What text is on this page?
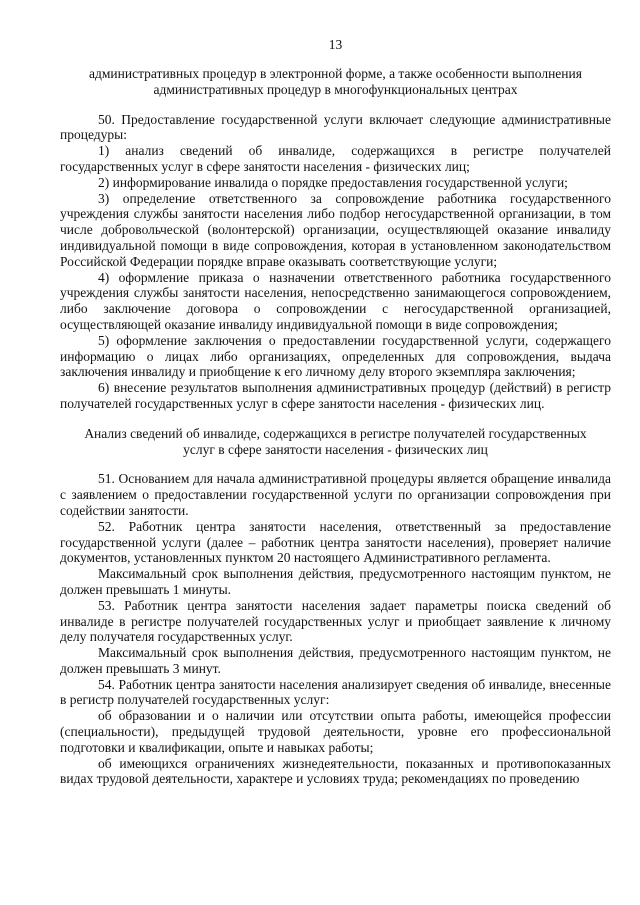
13
административных процедур в электронной форме, а также особенности выполнения
административных процедур в многофункциональных центрах

50. Предоставление государственной услуги включает следующие административные процедуры:

1) анализ сведений об инвалиде, содержащихся в регистре получателей государственных услуг в сфере занятости населения - физических лиц;

2) информирование инвалида о порядке предоставления государственной услуги;

3) определение ответственного за сопровождение работника государственного учреждения службы занятости населения либо подбор негосударственной организации, в том числе добровольческой (волонтерской) организации, осуществляющей оказание инвалиду индивидуальной помощи в виде сопровождения, которая в установленном законодательством Российской Федерации порядке вправе оказывать соответствующие услуги;

4) оформление приказа о назначении ответственного работника государственного учреждения службы занятости населения, непосредственно занимающегося сопровождением, либо заключение договора о сопровождении с негосударственной организацией, осуществляющей оказание инвалиду индивидуальной помощи в виде сопровождения;

5) оформление заключения о предоставлении государственной услуги, содержащего информацию о лицах либо организациях, определенных для сопровождения, выдача заключения инвалиду и приобщение к его личному делу второго экземпляра заключения;

6) внесение результатов выполнения административных процедур (действий) в регистр получателей государственных услуг в сфере занятости населения - физических лиц.

Анализ сведений об инвалиде, содержащихся в регистре получателей государственных
услуг в сфере занятости населения - физических лиц

51. Основанием для начала административной процедуры является обращение инвалида с заявлением о предоставлении государственной услуги по организации сопровождения при содействии занятости.

52. Работник центра занятости населения, ответственный за предоставление государственной услуги (далее – работник центра занятости населения), проверяет наличие документов, установленных пунктом 20 настоящего Административного регламента.

Максимальный срок выполнения действия, предусмотренного настоящим пунктом, не должен превышать 1 минуты.

53. Работник центра занятости населения задает параметры поиска сведений об инвалиде в регистре получателей государственных услуг и приобщает заявление к личному делу получателя государственных услуг.

Максимальный срок выполнения действия, предусмотренного настоящим пунктом, не должен превышать 3 минут.

54. Работник центра занятости населения анализирует сведения об инвалиде, внесенные в регистр получателей государственных услуг:

об образовании и о наличии или отсутствии опыта работы, имеющейся профессии (специальности), предыдущей трудовой деятельности, уровне его профессиональной подготовки и квалификации, опыте и навыках работы;

об имеющихся ограничениях жизнедеятельности, показанных и противопоказанных видах трудовой деятельности, характере и условиях труда; рекомендациях по проведению
